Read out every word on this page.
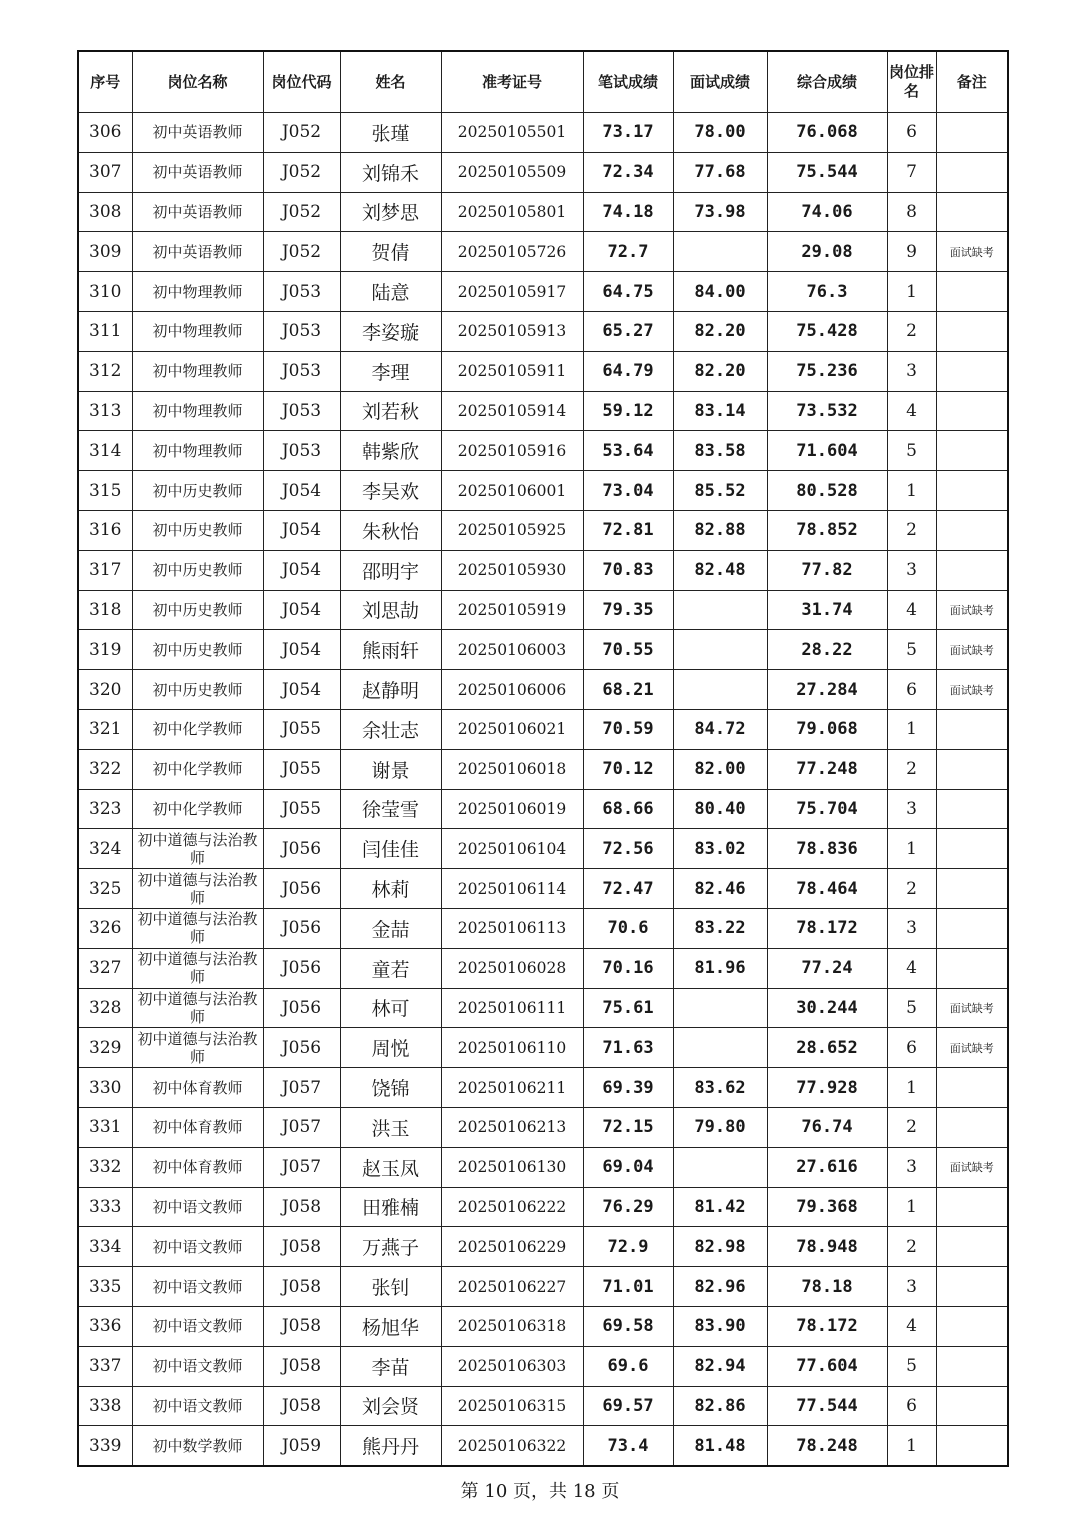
序号	岗位名称	岗位代码	姓名	准考证号	笔试成绩	面试成绩	综合成绩	岗位排名	备注
306	初中英语教师	J052	张瑾	20250105501	73.17	78.00	76.068	6	
307	初中英语教师	J052	刘锦禾	20250105509	72.34	77.68	75.544	7	
308	初中英语教师	J052	刘梦思	20250105801	74.18	73.98	74.06	8	
309	初中英语教师	J052	贺倩	20250105726	72.7		29.08	9	面试缺考
310	初中物理教师	J053	陆意	20250105917	64.75	84.00	76.3	1	
311	初中物理教师	J053	李姿璇	20250105913	65.27	82.20	75.428	2	
312	初中物理教师	J053	李理	20250105911	64.79	82.20	75.236	3	
313	初中物理教师	J053	刘若秋	20250105914	59.12	83.14	73.532	4	
314	初中物理教师	J053	韩紫欣	20250105916	53.64	83.58	71.604	5	
315	初中历史教师	J054	李吴欢	20250106001	73.04	85.52	80.528	1	
316	初中历史教师	J054	朱秋怡	20250105925	72.81	82.88	78.852	2	
317	初中历史教师	J054	邵明宇	20250105930	70.83	82.48	77.82	3	
318	初中历史教师	J054	刘思劼	20250105919	79.35		31.74	4	面试缺考
319	初中历史教师	J054	熊雨轩	20250106003	70.55		28.22	5	面试缺考
320	初中历史教师	J054	赵静明	20250106006	68.21		27.284	6	面试缺考
321	初中化学教师	J055	余壮志	20250106021	70.59	84.72	79.068	1	
322	初中化学教师	J055	谢景	20250106018	70.12	82.00	77.248	2	
323	初中化学教师	J055	徐莹雪	20250106019	68.66	80.40	75.704	3	
324	初中道德与法治教师	J056	闫佳佳	20250106104	72.56	83.02	78.836	1	
325	初中道德与法治教师	J056	林莉	20250106114	72.47	82.46	78.464	2	
326	初中道德与法治教师	J056	金喆	20250106113	70.6	83.22	78.172	3	
327	初中道德与法治教师	J056	童若	20250106028	70.16	81.96	77.24	4	
328	初中道德与法治教师	J056	林可	20250106111	75.61		30.244	5	面试缺考
329	初中道德与法治教师	J056	周悦	20250106110	71.63		28.652	6	面试缺考
330	初中体育教师	J057	饶锦	20250106211	69.39	83.62	77.928	1	
331	初中体育教师	J057	洪玉	20250106213	72.15	79.80	76.74	2	
332	初中体育教师	J057	赵玉凤	20250106130	69.04		27.616	3	面试缺考
333	初中语文教师	J058	田雅楠	20250106222	76.29	81.42	79.368	1	
334	初中语文教师	J058	万燕子	20250106229	72.9	82.98	78.948	2	
335	初中语文教师	J058	张钊	20250106227	71.01	82.96	78.18	3	
336	初中语文教师	J058	杨旭华	20250106318	69.58	83.90	78.172	4	
337	初中语文教师	J058	李苗	20250106303	69.6	82.94	77.604	5	
338	初中语文教师	J058	刘会贤	20250106315	69.57	82.86	77.544	6	
339	初中数学教师	J059	熊丹丹	20250106322	73.4	81.48	78.248	1	
第 10 页，共 18 页
